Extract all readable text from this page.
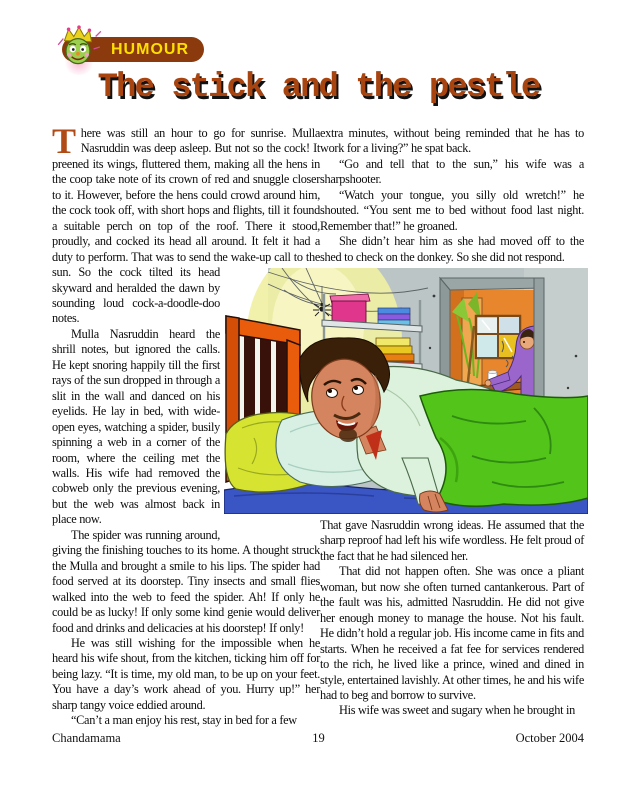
HUMOUR
The stick and the pestle

There was still an hour to go for sunrise. Mulla Nasruddin was deep asleep. But not so the cock! It preened its wings, fluttered them, making all the hens in the coop take note of its crown of red and snuggle closer to it. However, before the hens could crowd around him, the cock took off, with short hops and flights, till it found a suitable perch on top of the roof. There it stood, proudly, and cocked its head all around. It felt it had a duty to perform. That was to send the wake-up call to the sun. So the cock tilted its head skyward and heralded the dawn by sounding loud cock-a-doodle-doo notes.

Mulla Nasruddin heard the shrill notes, but ignored the calls. He kept snoring happily till the first rays of the sun dropped in through a slit in the wall and danced on his eyelids. He lay in bed, with wide-open eyes, watching a spider, busily spinning a web in a corner of the room, where the ceiling met the walls. His wife had removed the cobweb only the previous evening, but the web was almost back in place now.

The spider was running around, giving the finishing touches to its home. A thought struck the Mulla and brought a smile to his lips. The spider had food served at its doorstep. Tiny insects and small flies walked into the web to feed the spider. Ah! If only he could be as lucky! If only some kind genie would deliver food and drinks and delicacies at his doorstep! If only!

He was still wishing for the impossible when he heard his wife shout, from the kitchen, ticking him off for being lazy. “It is time, my old man, to be up on your feet. You have a day’s work ahead of you. Hurry up!” her sharp tangy voice eddied around.

“Can’t a man enjoy his rest, stay in bed for a few

extra minutes, without being reminded that he has to work for a living?” he spat back.

“Go and tell that to the sun,” his wife was a sharpshooter.

“Watch your tongue, you silly old wretch!” he shouted. “You sent me to bed without food last night. Remember that!” he groaned.

She didn’t hear him as she had moved off to the shed to check on the donkey. So she did not respond.

That gave Nasruddin wrong ideas. He assumed that the sharp reproof had left his wife wordless. He felt proud of the fact that he had silenced her.

That did not happen often. She was once a pliant woman, but now she often turned cantankerous. Part of the fault was his, admitted Nasruddin. He did not give her enough money to manage the house. Not his fault. He didn’t hold a regular job. His income came in fits and starts. When he received a fat fee for services rendered to the rich, he lived like a prince, wined and dined in style, entertained lavishly. At other times, he and his wife had to beg and borrow to survive.

His wife was sweet and sugary when he brought in

Chandamama	19	October 2004
